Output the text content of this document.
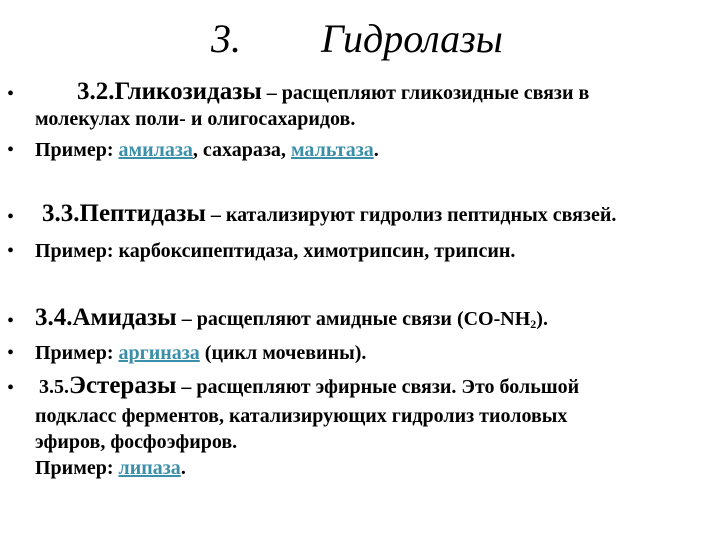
3. Гидролазы
•	3.2.Гликозидазы – расщепляют гликозидные связи в
молекулах поли- и олигосахаридов.
• Пример: амилаза, сахараза, мальтаза.
• 3.3.Пептидазы – катализируют гидролиз пептидных связей.
• Пример: карбоксипептидаза, химотрипсин, трипсин.
• 3.4.Амидазы – расщепляют амидные связи $(CO-NH_2)$.
• Пример: аргиназа (цикл мочевины).
• 3.5.Эстеразы – расщепляют эфирные связи. Это большой
подкласс ферментов, катализирующих гидролиз тиоловых
эфиров, фосфоэфиров.
Пример: липаза.
